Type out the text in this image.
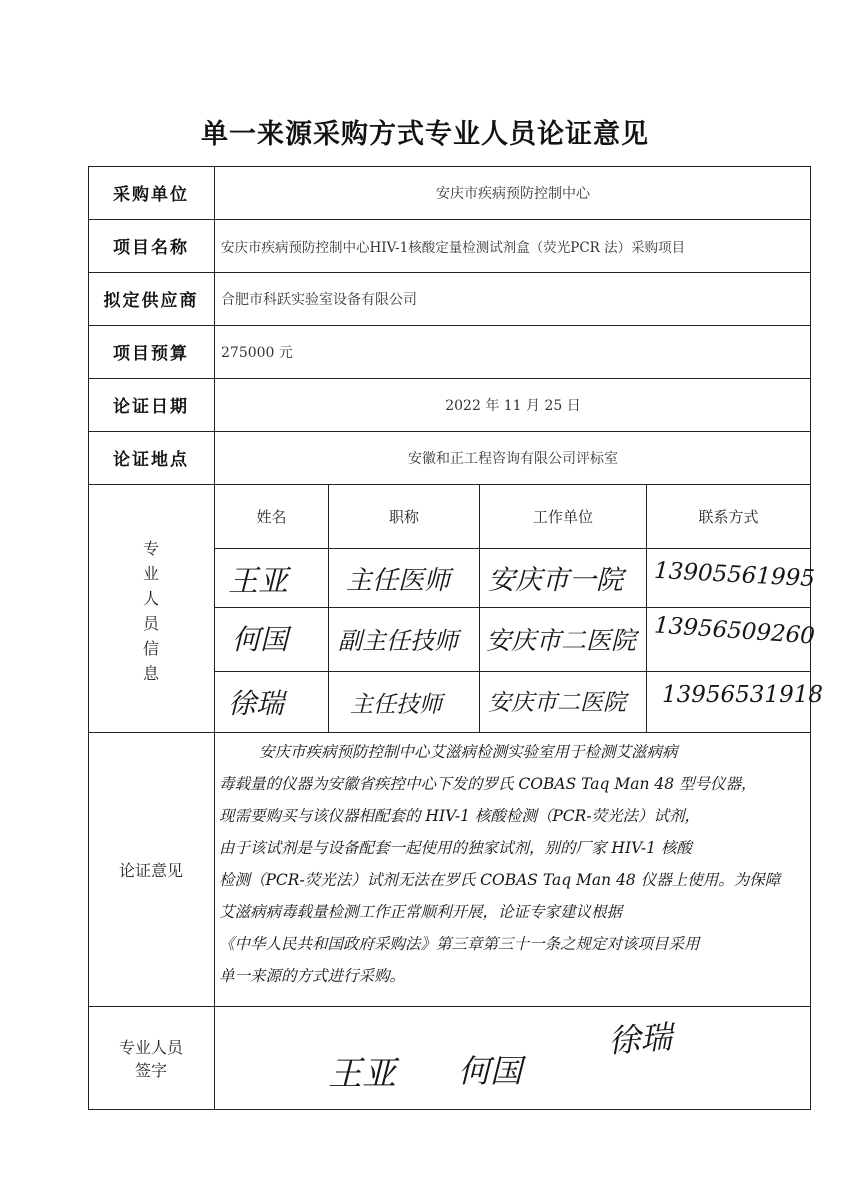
单一来源采购方式专业人员论证意见
采购单位	安庆市疾病预防控制中心
项目名称	安庆市疾病预防控制中心HIV-1核酸定量检测试剂盒（荧光PCR 法）采购项目
拟定供应商	合肥市科跃实验室设备有限公司
项目预算	275000 元
论证日期	2022 年 11 月 25 日
论证地点	安徽和正工程咨询有限公司评标室
专
业
人
员
信
息
姓名	职称	工作单位	联系方式
王亚 主任医师 安庆市一院 13905561995
何国 副主任技师 安庆市二医院 13956509260
徐瑞	主任技师 安庆市二医院 13956531918
论证意见
安庆市疾病预防控制中心艾滋病检测实验室用于检测艾滋病病
毒载量的仪器为安徽省疾控中心下发的罗氏 COBAS Taq Man 48 型号仪器，
现需要购买与该仪器相配套的 HIV-1 核酸检测（PCR-荧光法）试剂，
由于该试剂是与设备配套一起使用的独家试剂，别的厂家 HIV-1 核酸
检测（PCR-荧光法）试剂无法在罗氏 COBAS Taq Man 48 仪器上使用。为保障
艾滋病病毒载量检测工作正常顺利开展，论证专家建议根据
《中华人民共和国政府采购法》第三章第三十一条之规定对该项目采用
单一来源的方式进行采购。
专业人员签字	王亚 何国
徐瑞
